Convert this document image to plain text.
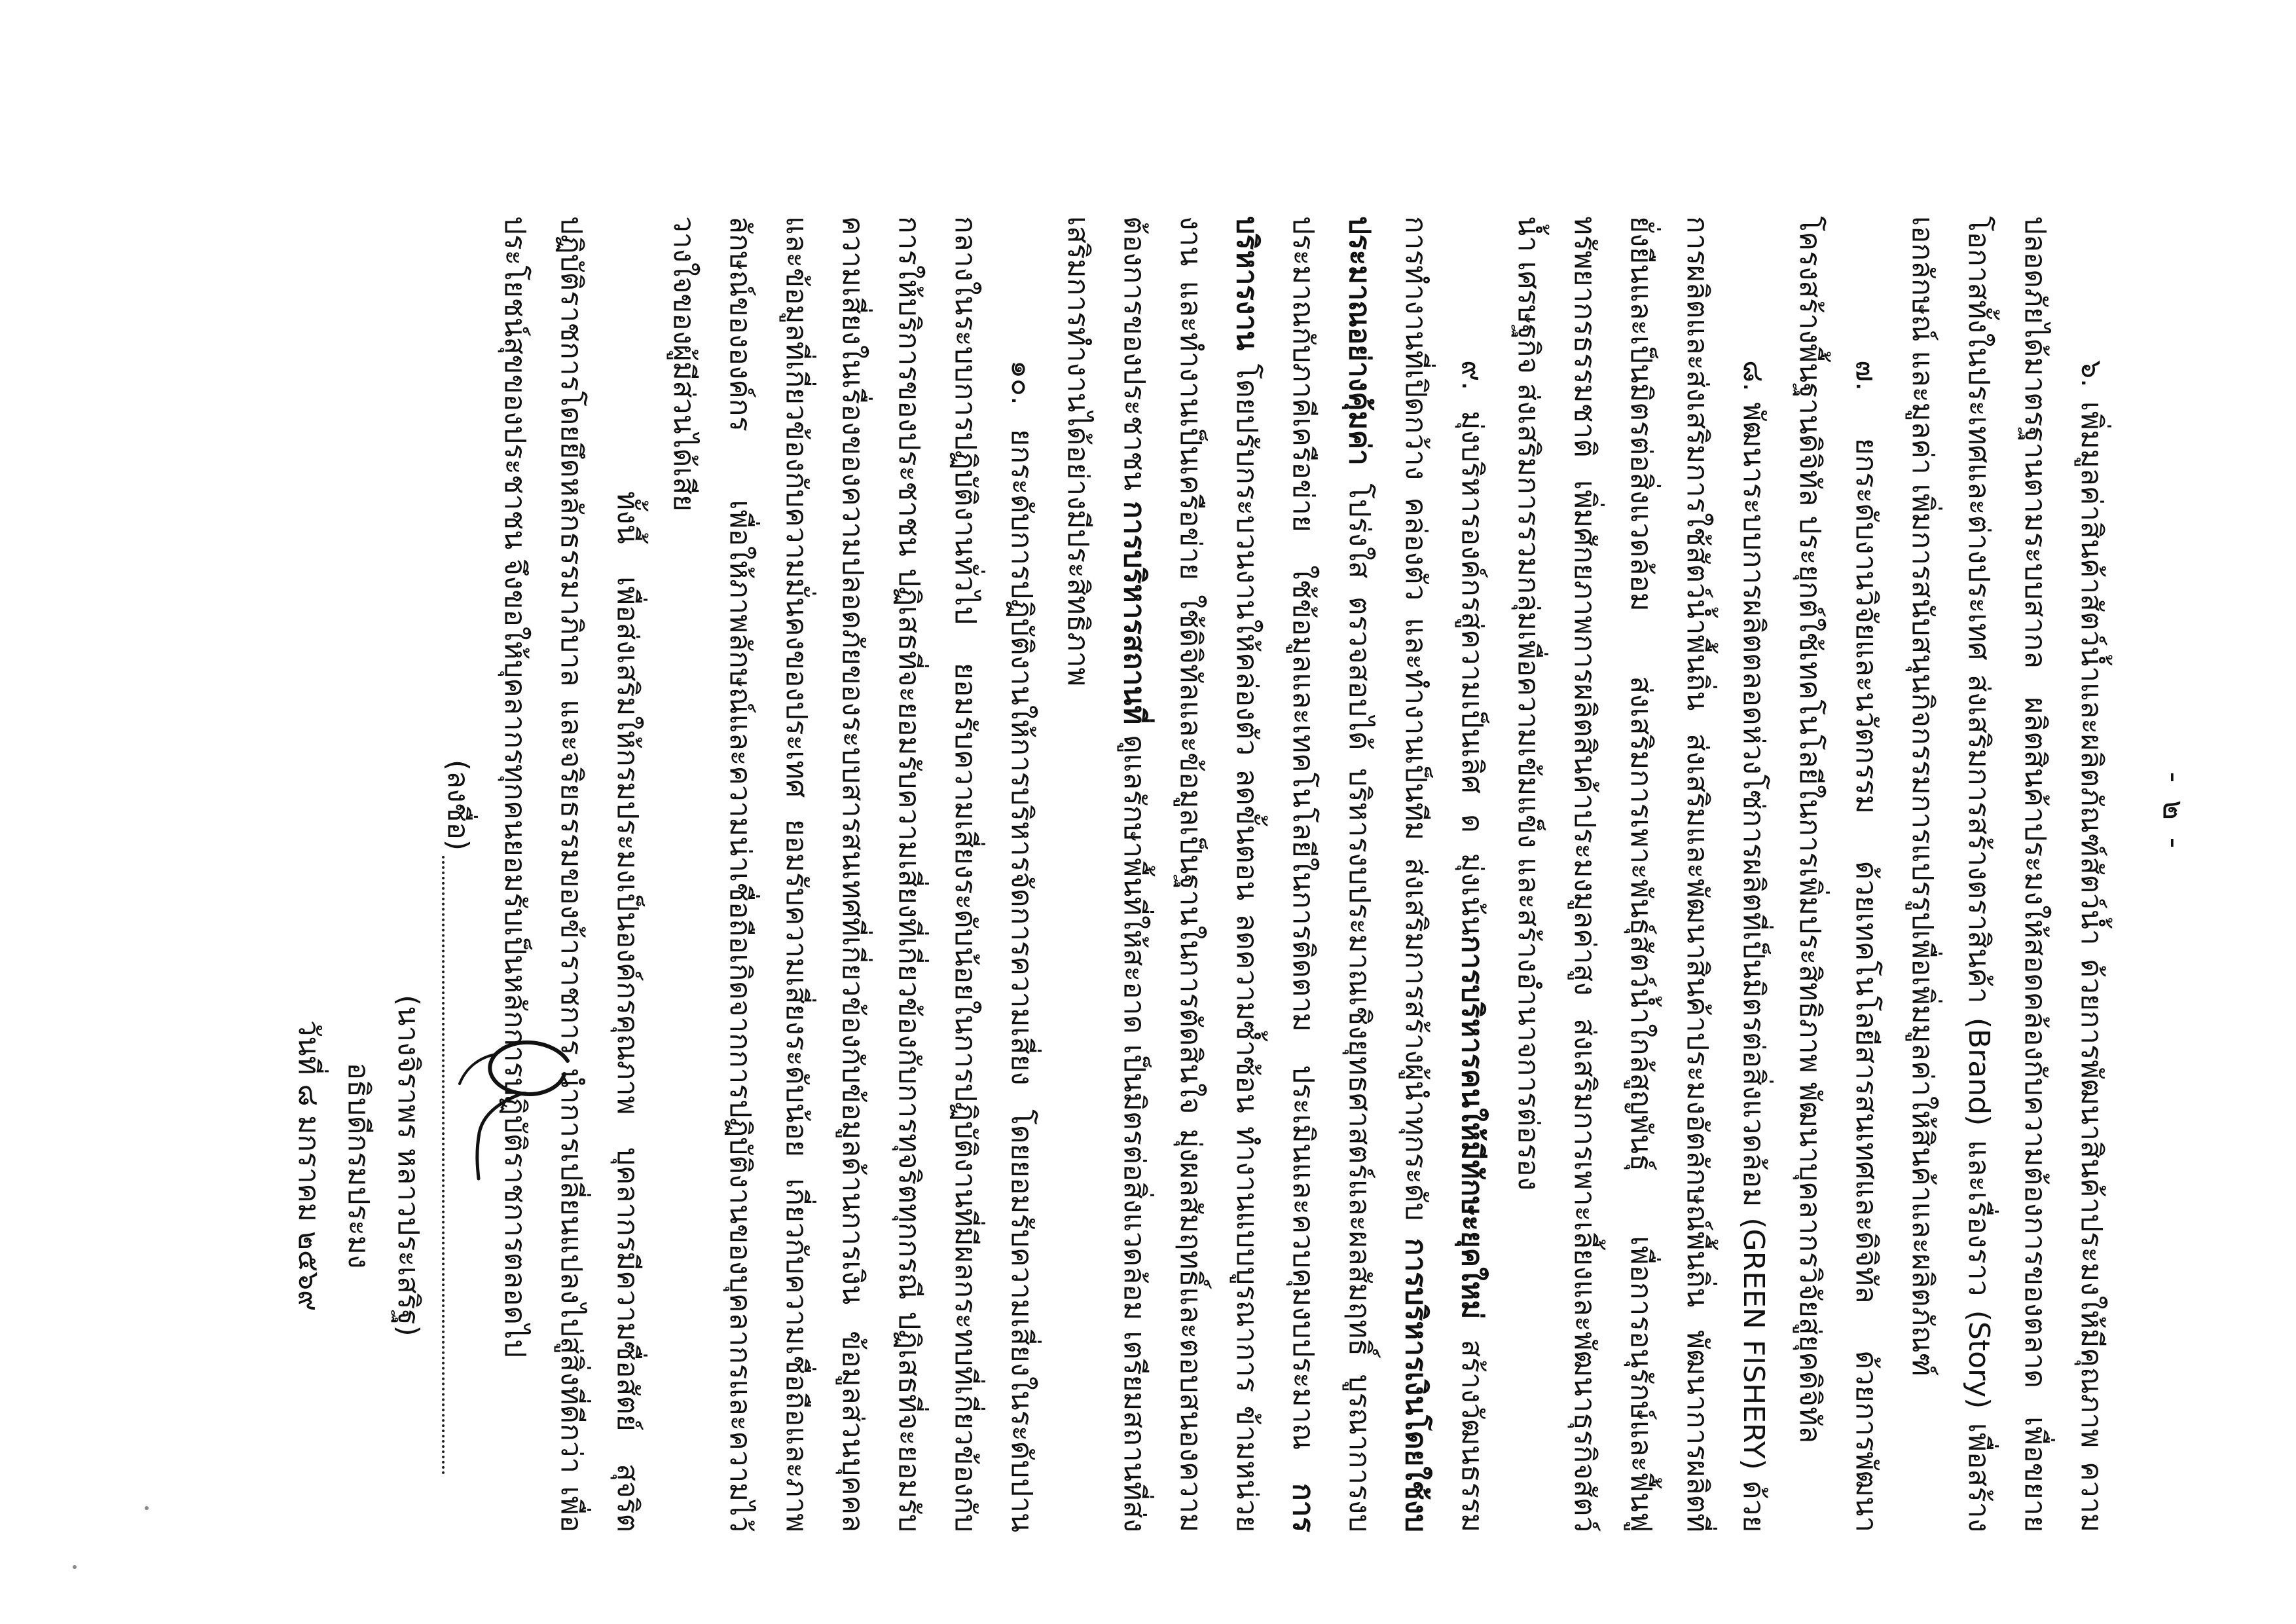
- ๒ -

๖. เพิ่มมูลค่าสินค้าสัตว์น้ำและผลิตภัณฑ์สัตว์น้ำ ด้วยการพัฒนาสินค้าประมงให้มีคุณภาพ ความปลอดภัยได้มาตรฐานตามระบบสากล ผลิตสินค้าประมงให้สอดคล้องกับความต้องการของตลาด เพื่อขยายโอกาสทั้งในประเทศและต่างประเทศ ส่งเสริมการสร้างตราสินค้า (Brand) และเรื่องราว (Story) เพื่อสร้างเอกลักษณ์ และมูลค่า เพิ่มการสนับสนุนกิจกรรมการแปรรูปเพื่อเพิ่มมูลค่าให้สินค้าและผลิตภัณฑ์

๗. ยกระดับงานวิจัยและนวัตกรรม ด้วยเทคโนโลยีสารสนเทศและดิจิทัล ด้วยการพัฒนาโครงสร้างพื้นฐานดิจิทัล ประยุกต์ใช้เทคโนโลยีในการเพิ่มประสิทธิภาพ พัฒนาบุคลากรวิจัยสู่ยุคดิจิทัล

๘. พัฒนาระบบการผลิตตลอดห่วงโซ่การผลิตที่เป็นมิตรต่อสิ่งแวดล้อม (GREEN FISHERY) ด้วยการผลิตและส่งเสริมการใช้สัตว์น้ำพื้นถิ่น ส่งเสริมและพัฒนาสินค้าประมงอัตลักษณ์พื้นถิ่น พัฒนาการผลิตที่ยั่งยืนและเป็นมิตรต่อสิ่งแวดล้อม ส่งเสริมการเพาะพันธุ์สัตว์น้ำใกล้สูญพันธุ์ เพื่อการอนุรักษ์และฟื้นฟูทรัพยากรธรรมชาติ เพิ่มศักยภาพการผลิตสินค้าประมงมูลค่าสูง ส่งเสริมการเพาะเลี้ยงและพัฒนาธุรกิจสัตว์น้ำ เศรษฐกิจ ส่งเสริมการรวมกลุ่มเพื่อความเข้มแข็ง และสร้างอำนาจการต่อรอง

๙. มุ่งบริหารองค์กรสู่ความเป็นเลิศ ด มุ่งเน้นการบริหารคนให้มีทักษะยุคใหม่ สร้างวัฒนธรรมการทำงานที่เปิดกว้าง คล่องตัว และทำงานเป็นทีม ส่งเสริมการสร้างผู้นำทุกระดับ การบริหารเงินโดยใช้งบประมาณอย่างคุ้มค่า โปร่งใส ตรวจสอบได้ บริหารงบประมาณเชิงยุทธศาสตร์และผลสัมฤทธิ์ บูรณาการงบประมาณกับภาคีเครือข่าย ใช้ข้อมูลและเทคโนโลยีในการติดตาม ประเมินและควบคุมงบประมาณ การบริหารงาน โดยปรับกระบวนงานให้คล่องตัว ลดขั้นตอน ลดความซ้ำซ้อน ทำงานแบบบูรณาการ ข้ามหน่วยงาน และทำงานเป็นเครือข่าย ใช้ดิจิทัลและข้อมูลเป็นฐานในการตัดสินใจ มุ่งผลสัมฤทธิ์และตอบสนองความต้องการของประชาชน การบริหารสถานที่ ดูแลรักษาพื้นที่ให้สะอาด เป็นมิตรต่อสิ่งแวดล้อม เตรียมสถานที่ส่งเสริมการทำงานได้อย่างมีประสิทธิภาพ

๑๐. ยกระดับการปฏิบัติงานให้การบริหารจัดการความเสี่ยง โดยยอมรับความเสี่ยงในระดับปานกลางในระบบการปฏิบัติงานทั่วไป ยอมรับความเสี่ยงระดับน้อยในการปฏิบัติงานที่มีผลกระทบที่เกี่ยวข้องกับการให้บริการของประชาชน ปฏิเสธที่จะยอมรับความเสี่ยงที่เกี่ยวข้องกับการทุจริตทุกกรณี ปฏิเสธที่จะยอมรับความเสี่ยงในเรื่องของความปลอดภัยของระบบสารสนเทศที่เกี่ยวข้องกับข้อมูลด้านการเงิน ข้อมูลส่วนบุคคล และข้อมูลที่เกี่ยวข้องกับความมั่นคงของประเทศ ยอมรับความเสี่ยงระดับน้อย เกี่ยวกับความเชื่อถือและภาพลักษณ์ขององค์กร เพื่อให้ภาพลักษณ์และความน่าเชื่อถือเกิดจากการปฏิบัติงานของบุคลากรและความไว้วางใจของผู้มีส่วนได้เสีย

ทั้งนี้ เพื่อส่งเสริมให้กรมประมงเป็นองค์กรคุณภาพ บุคลากรมีความซื่อสัตย์ สุจริต ปฏิบัติราชการโดยยึดหลักธรรมาภิบาล และจริยธรรมของข้าราชการ นำการเปลี่ยนแปลงไปสู่สิ่งที่ดีกว่า เพื่อประโยชน์สุขของประชาชน จึงขอให้บุคลากรทุกคนยอมรับเป็นหลักการปฏิบัติราชการตลอดไป

(ลงชื่อ)
(นางจิราพร หลาวประเสริฐ)
อธิบดีกรมประมง
วันที่ ๘ มกราคม ๒๕๖๙
